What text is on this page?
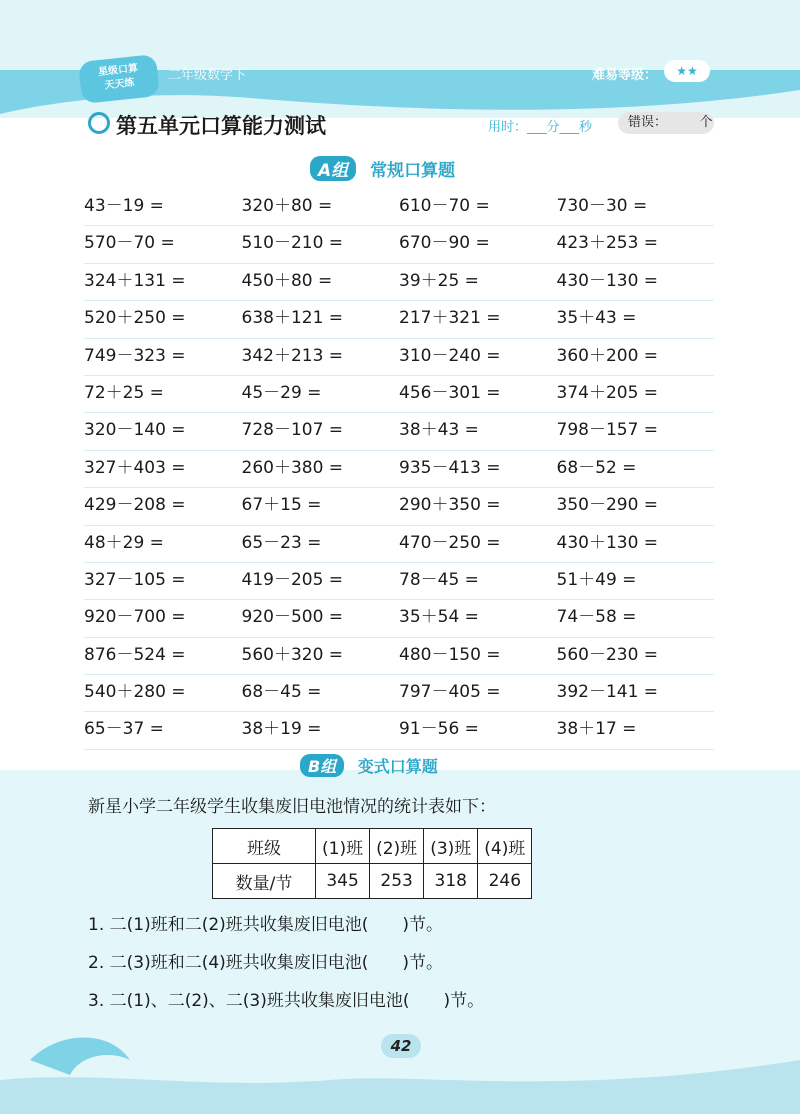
星级口算
天天练
二年级数学下	难易等级：	★★
第五单元口算能力测试	用时：___分___秒	错误：　　　个
A组 常规口算题
43－19 =	320＋80 =	610－70 =	730－30 =
570－70 =	510－210 =	670－90 =	423＋253 =
324＋131 =	450＋80 =	39＋25 =	430－130 =
520＋250 =	638＋121 =	217＋321 =	35＋43 =
749－323 =	342＋213 =	310－240 =	360＋200 =
72＋25 =	45－29 =	456－301 =	374＋205 =
320－140 =	728－107 =	38＋43 =	798－157 =
327＋403 =	260＋380 =	935－413 =	68－52 =
429－208 =	67＋15 =	290＋350 =	350－290 =
48＋29 =	65－23 =	470－250 =	430＋130 =
327－105 =	419－205 =	78－45 =	51＋49 =
920－700 =	920－500 =	35＋54 =	74－58 =
876－524 =	560＋320 =	480－150 =	560－230 =
540＋280 =	68－45 =	797－405 =	392－141 =
65－37 =	38＋19 =	91－56 =	38＋17 =
B组 变式口算题
新星小学二年级学生收集废旧电池情况的统计表如下：
班级	(1)班	(2)班	(3)班	(4)班
数量/节	345	253	318	246
1. 二(1)班和二(2)班共收集废旧电池(　　)节。
2. 二(3)班和二(4)班共收集废旧电池(　　)节。
3. 二(1)、二(2)、二(3)班共收集废旧电池(　　)节。
42
